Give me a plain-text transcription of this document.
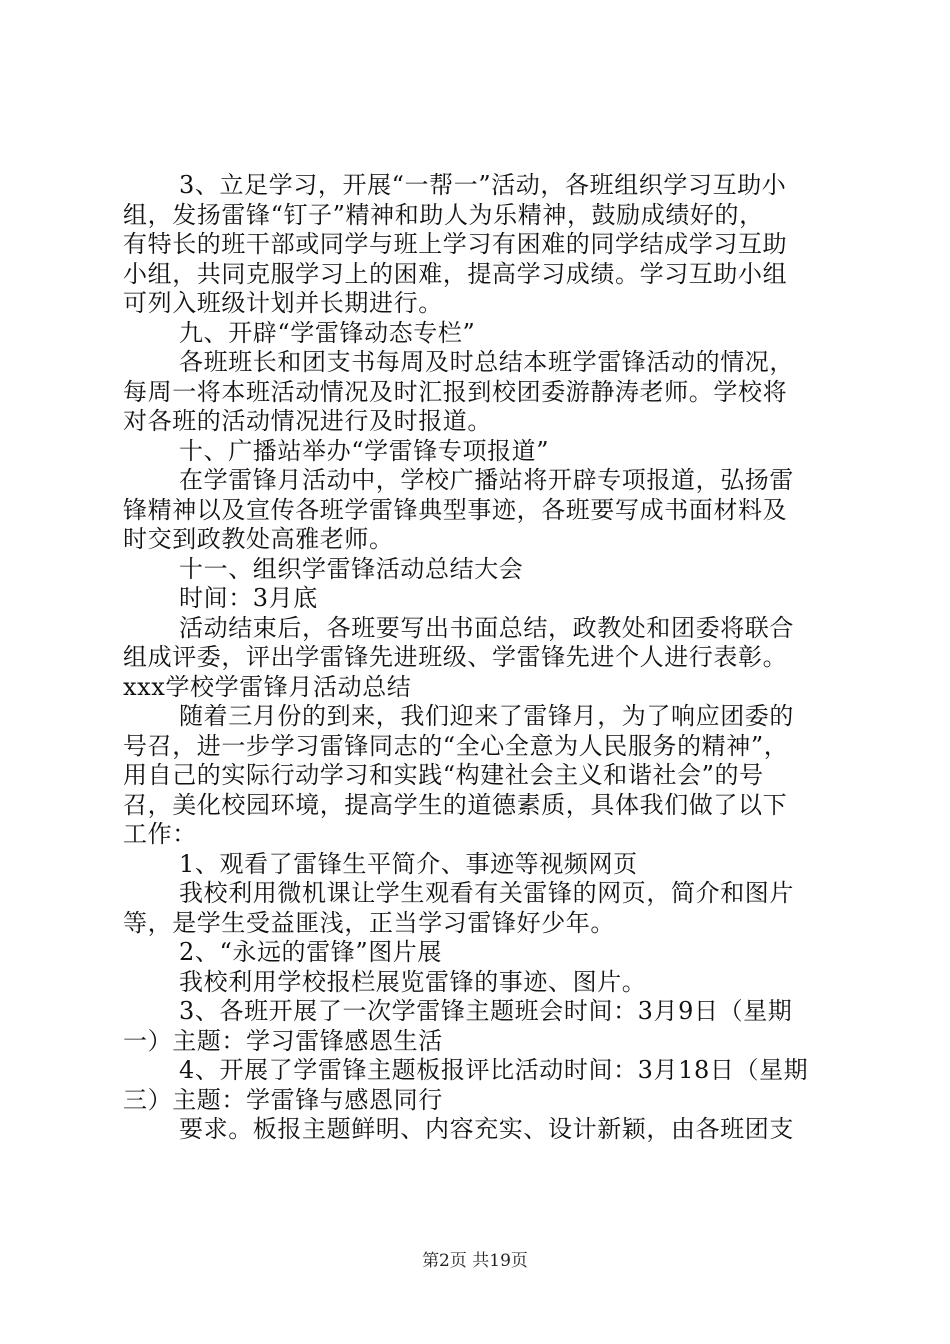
3、立足学习，开展“一帮一”活动，各班组织学习互助小
组，发扬雷锋“钉子”精神和助人为乐精神，鼓励成绩好的，
有特长的班干部或同学与班上学习有困难的同学结成学习互助
小组，共同克服学习上的困难，提高学习成绩。学习互助小组
可列入班级计划并长期进行。
九、开辟“学雷锋动态专栏”
各班班长和团支书每周及时总结本班学雷锋活动的情况，
每周一将本班活动情况及时汇报到校团委游静涛老师。学校将
对各班的活动情况进行及时报道。
十、广播站举办“学雷锋专项报道”
在学雷锋月活动中，学校广播站将开辟专项报道，弘扬雷
锋精神以及宣传各班学雷锋典型事迹，各班要写成书面材料及
时交到政教处高雅老师。
十一、组织学雷锋活动总结大会
时间：3月底
活动结束后，各班要写出书面总结，政教处和团委将联合
组成评委，评出学雷锋先进班级、学雷锋先进个人进行表彰。
xxx学校学雷锋月活动总结
随着三月份的到来，我们迎来了雷锋月，为了响应团委的
号召，进一步学习雷锋同志的“全心全意为人民服务的精神”，
用自己的实际行动学习和实践“构建社会主义和谐社会”的号
召，美化校园环境，提高学生的道德素质，具体我们做了以下
工作：
1、观看了雷锋生平简介、事迹等视频网页
我校利用微机课让学生观看有关雷锋的网页，简介和图片
等，是学生受益匪浅，正当学习雷锋好少年。
2、“永远的雷锋”图片展
我校利用学校报栏展览雷锋的事迹、图片。
3、各班开展了一次学雷锋主题班会时间：3月9日（星期
一）主题：学习雷锋感恩生活
4、开展了学雷锋主题板报评比活动时间：3月18日（星期
三）主题：学雷锋与感恩同行
要求。板报主题鲜明、内容充实、设计新颖，由各班团支
第2页 共19页
